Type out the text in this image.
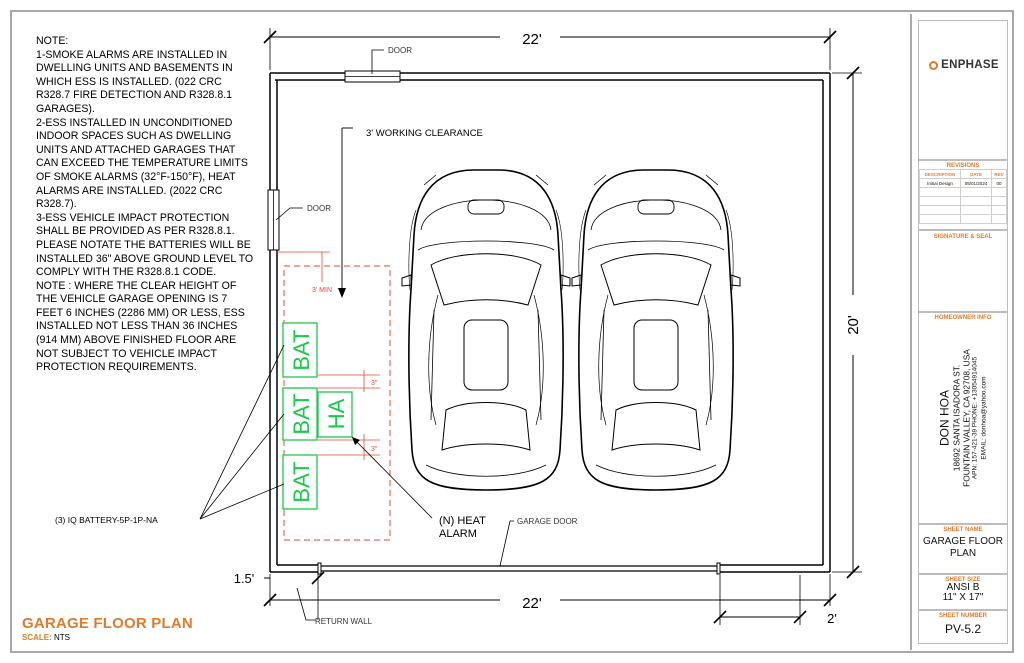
NOTE:
1-SMOKE ALARMS ARE INSTALLED IN DWELLING UNITS AND BASEMENTS IN WHICH ESS IS INSTALLED. (022 CRC R328.7 FIRE DETECTION AND R328.8.1 GARAGES).
2-ESS INSTALLED IN UNCONDITIONED INDOOR SPACES SUCH AS DWELLING UNITS AND ATTACHED GARAGES THAT CAN EXCEED THE TEMPERATURE LIMITS OF SMOKE ALARMS (32°F-150°F), HEAT ALARMS ARE INSTALLED. (2022 CRC R328.7).
3-ESS VEHICLE IMPACT PROTECTION SHALL BE PROVIDED AS PER R328.8.1.
PLEASE NOTATE THE BATTERIES WILL BE INSTALLED 36" ABOVE GROUND LEVEL TO COMPLY WITH THE R328.8.1 CODE.
NOTE : WHERE THE CLEAR HEIGHT OF THE VEHICLE GARAGE OPENING IS 7 FEET 6 INCHES (2286 MM) OR LESS, ESS INSTALLED NOT LESS THAN 36 INCHES (914 MM) ABOVE FINISHED FLOOR ARE NOT SUBJECT TO VEHICLE IMPACT PROTECTION REQUIREMENTS.	BAT
BAT
BAT
HA
22'
22'
20'
1.5'
2'
DOOR
DOOR
3' WORKING CLEARANCE
3' MIN
3"
3"
(3) IQ BATTERY-5P-1P-NA	(N) HEAT
ALARM
GARAGE DOOR
RETURN WALL
GARAGE FLOOR PLAN
SCALE: NTS
ENPHASE
REVISIONS
DESCRIPTION	DATE	REV
Initial Design	05/01/2024	00

SIGNATURE & SEAL
HOMEOWNER INFO
DON HOA 18692 SANTA ISADORA ST. FOUNTAIN VALLEY, CA 92708, USA APN: 157-421-39 PHONE: +13054914045 EMAIL: donhoa@yahoo.com
SHEET NAME
GARAGE FLOOR PLAN
SHEET SIZE
ANSI B
11" X 17"
SHEET NUMBER
PV-5.2
